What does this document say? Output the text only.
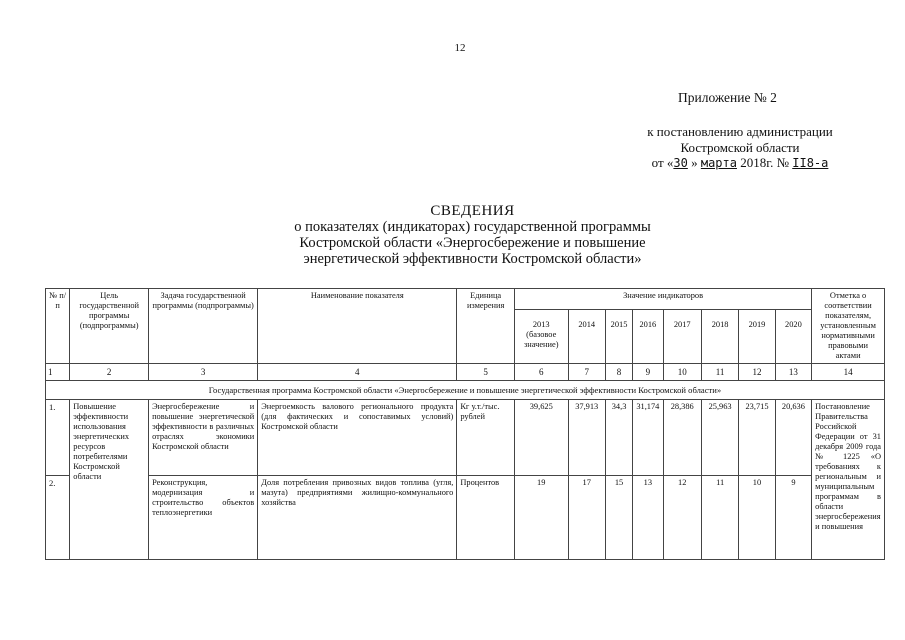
12
Приложение № 2
к постановлению администрации
Костромской области
от «30 » марта 2018г. № II8-а
СВЕДЕНИЯ
о показателях (индикаторах) государственной программы
Костромской области «Энергосбережение и повышение
энергетической эффективности Костромской области»
№ п/п	Цель государственной программы (подпрограммы)	Задача государственной программы (подпрограммы)	Наименование показателя	Единица измерения	Значение индикаторов								Отметка о соответствии показателям, установленным нормативными правовыми актами
					2013 (базовое значение)	2014	2015	2016	2017	2018	2019	2020	
1	2	3	4	5	6	7	8	9	10	11	12	13	14
Государственная программа Костромской области «Энергосбережение и повышение энергетической эффективности Костромской области»													
1.	Повышение эффективности использования энергетических ресурсов потребителями Костромской области	Энергосбережение и повышение энергетической эффективности в различных отраслях экономики Костромской области	Энергоемкость валового регионального продукта (для фактических и сопоставимых условий) Костромской области	Кг у.т./тыс. рублей	39,625	37,913	34,3	31,174	28,386	25,963	23,715	20,636	Постановление Правительства Российской Федерации от 31 декабря 2009 года № 1225 «О требованиях к региональным и муниципальным программам в области энергосбережения и повышения
2.		Реконструкция, модернизация и строительство объектов теплоэнергетики	Доля потребления привозных видов топлива (угля, мазута) предприятиями жилищно-коммунального хозяйства	Процентов	19	17	15	13	12	11	10	9	
